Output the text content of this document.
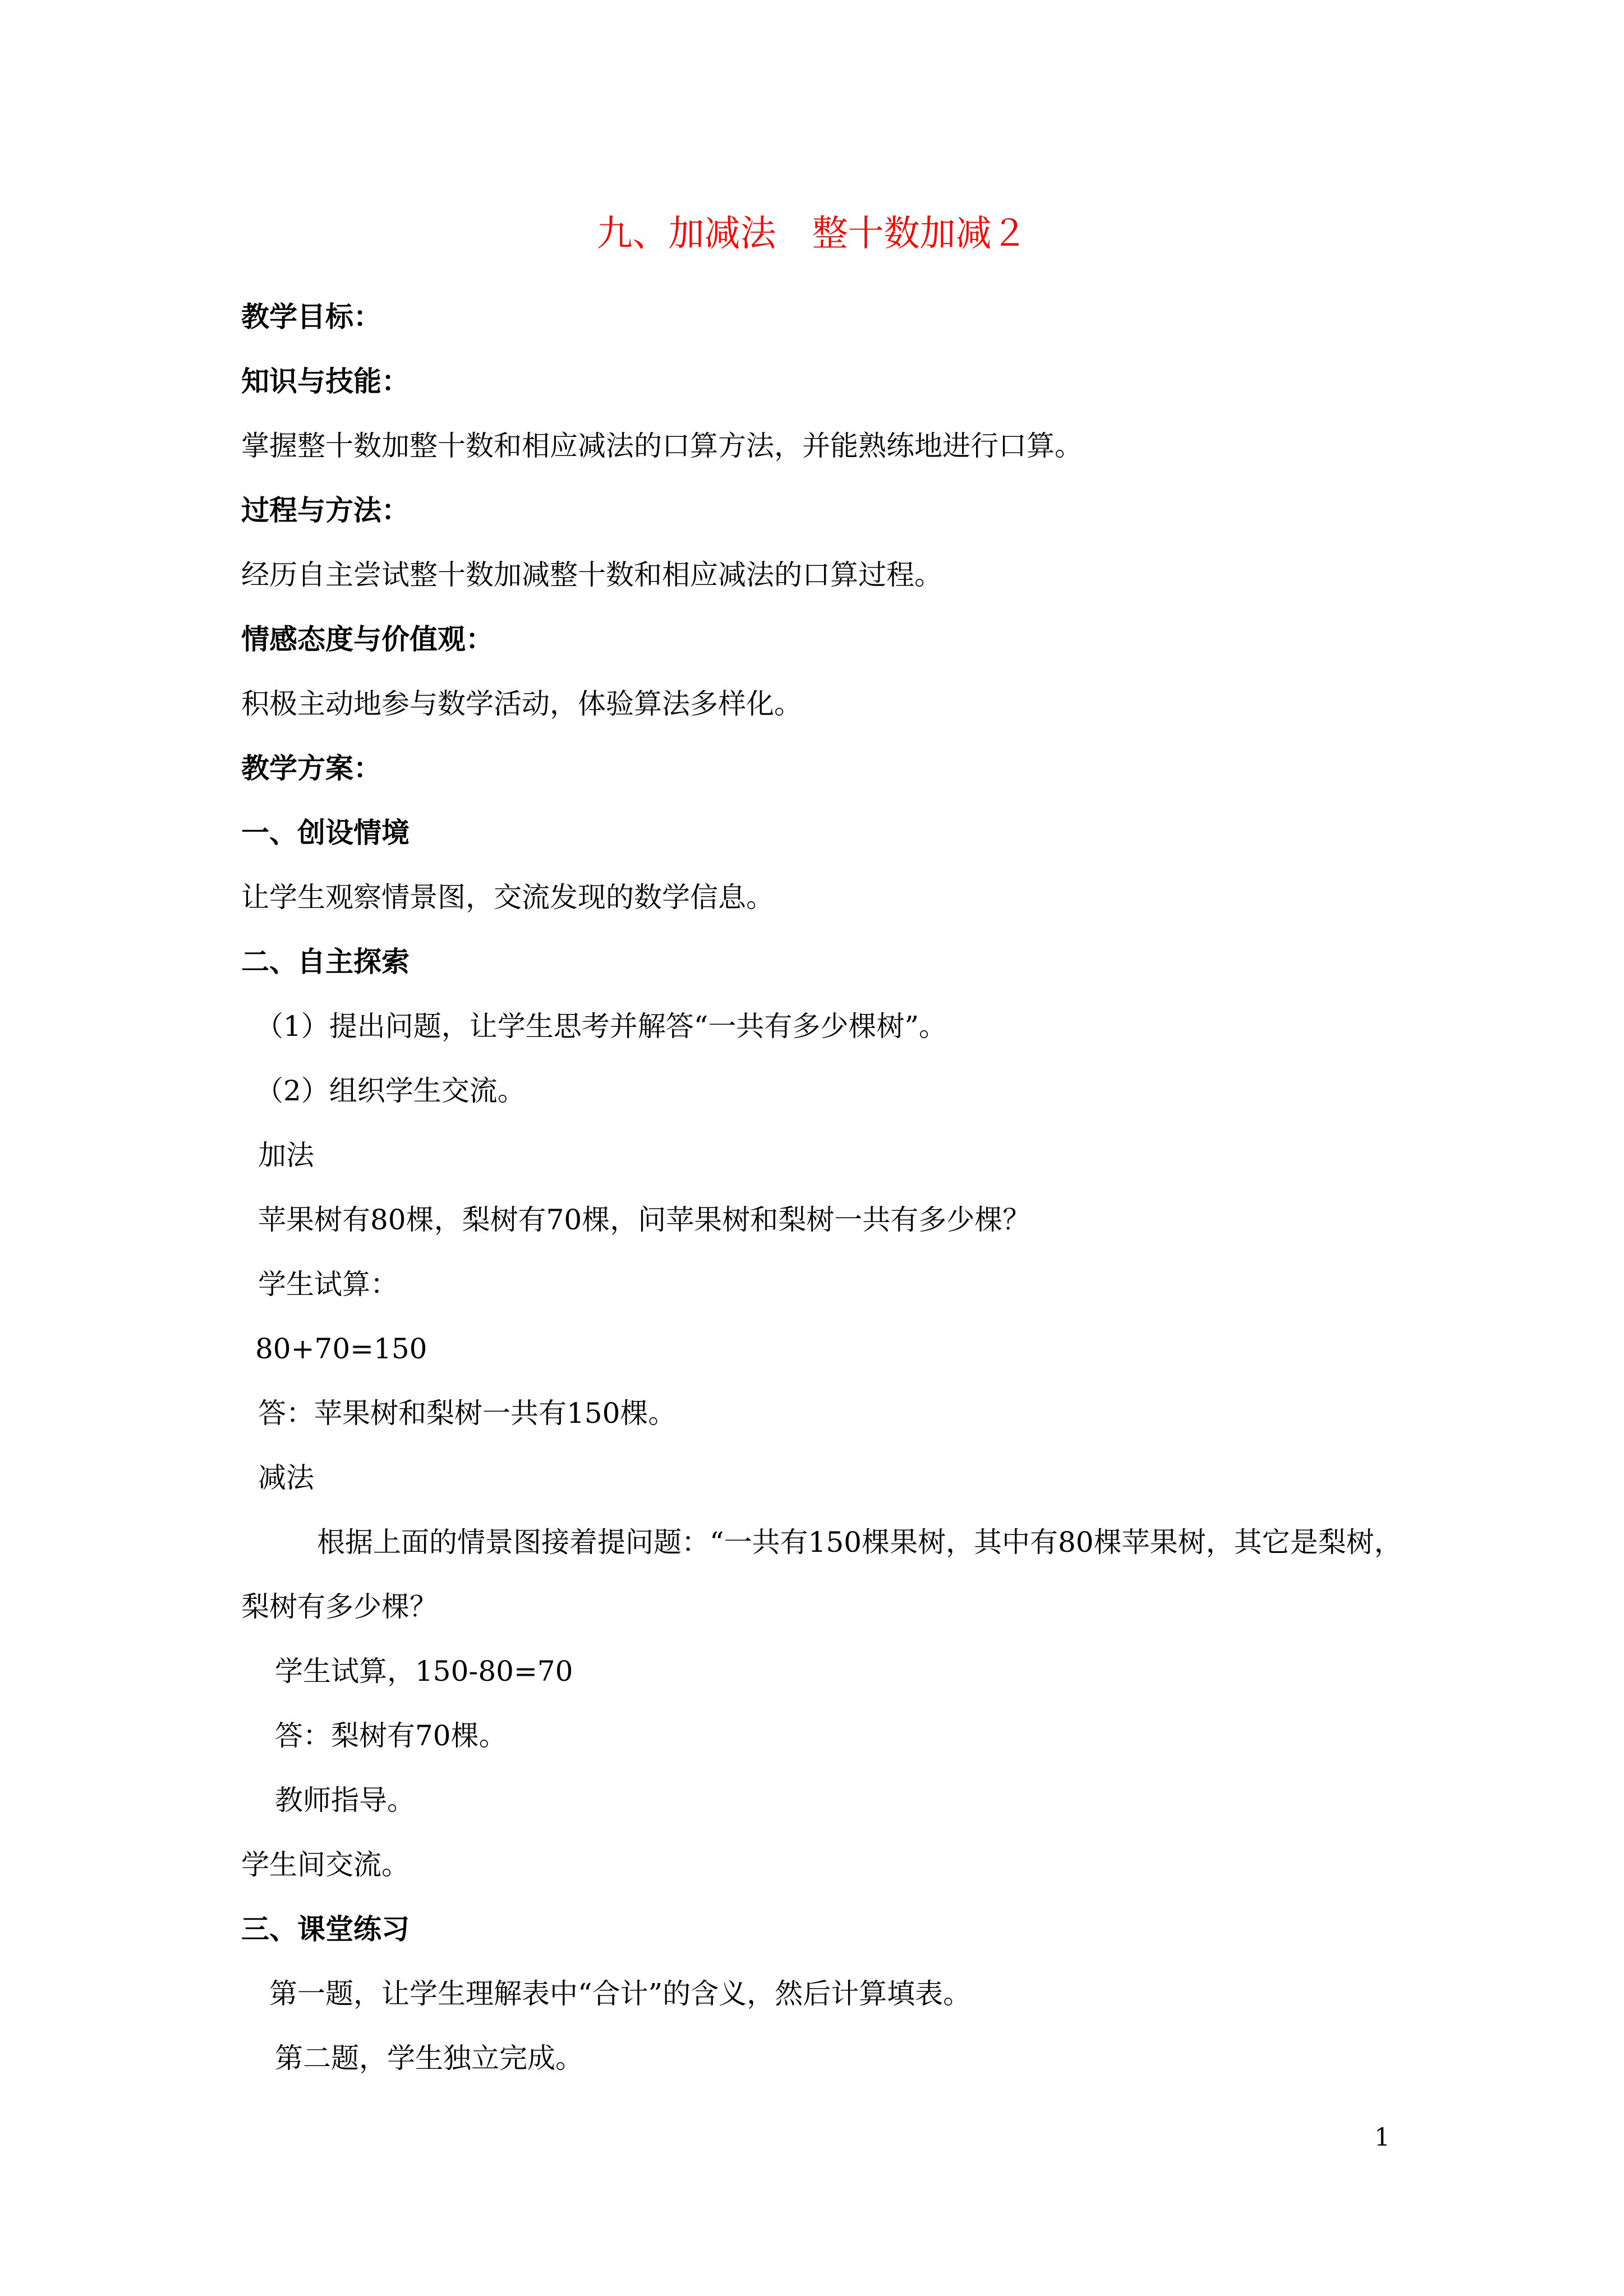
九、加减法　整十数加减２
教学目标：
知识与技能：
掌握整十数加整十数和相应减法的口算方法，并能熟练地进行口算。
过程与方法：
经历自主尝试整十数加减整十数和相应减法的口算过程。
情感态度与价值观：
积极主动地参与数学活动，体验算法多样化。
教学方案：
一、创设情境
让学生观察情景图，交流发现的数学信息。
二、自主探索
（1）提出问题，让学生思考并解答“一共有多少棵树”。
（2）组织学生交流。
加法
苹果树有80棵，梨树有70棵，问苹果树和梨树一共有多少棵？
学生试算：
80+70=150
答：苹果树和梨树一共有150棵。
减法
根据上面的情景图接着提问题：“一共有150棵果树，其中有80棵苹果树，其它是梨树，
梨树有多少棵？
学生试算，150-80=70
答：梨树有70棵。
教师指导。
学生间交流。
三、课堂练习
第一题，让学生理解表中“合计”的含义，然后计算填表。
第二题，学生独立完成。
1
